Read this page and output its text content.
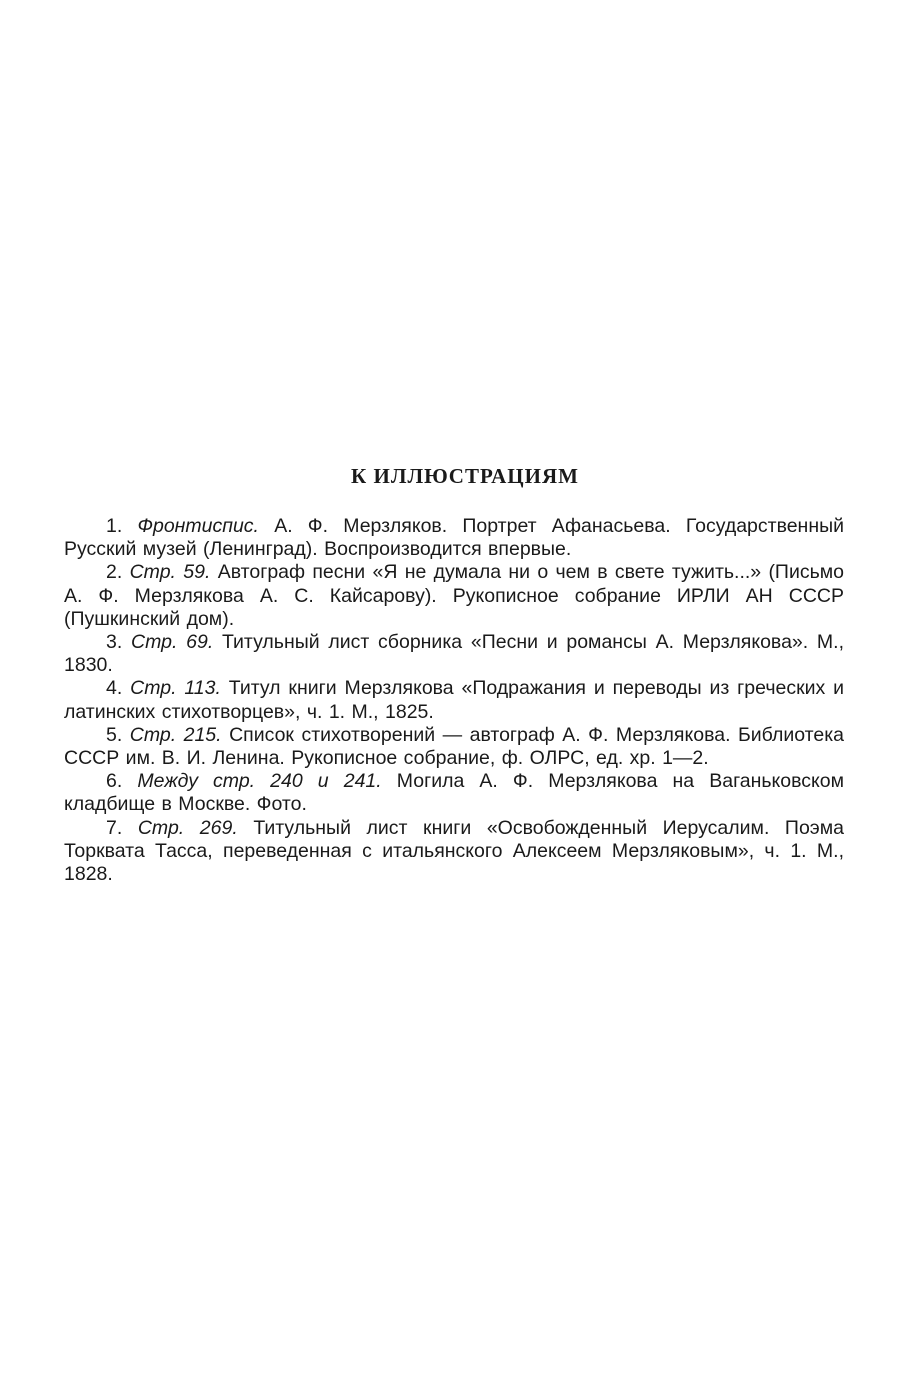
К ИЛЛЮСТРАЦИЯМ

1. Фронтиспис. А. Ф. Мерзляков. Портрет Афанасьева. Государственный Русский музей (Ленинград). Воспроизводится впервые.

2. Стр. 59. Автограф песни «Я не думала ни о чем в свете тужить...» (Письмо А. Ф. Мерзлякова А. С. Кайсарову). Рукописное собрание ИРЛИ АН СССР (Пушкинский дом).

3. Стр. 69. Титульный лист сборника «Песни и романсы А. Мерзлякова». М., 1830.

4. Стр. 113. Титул книги Мерзлякова «Подражания и переводы из греческих и латинских стихотворцев», ч. 1. М., 1825.

5. Стр. 215. Список стихотворений — автограф А. Ф. Мерзлякова. Библиотека СССР им. В. И. Ленина. Рукописное собрание, ф. ОЛРС, ед. хр. 1—2.

6. Между стр. 240 и 241. Могила А. Ф. Мерзлякова на Ваганьковском кладбище в Москве. Фото.

7. Стр. 269. Титульный лист книги «Освобожденный Иерусалим. Поэма Торквата Тасса, переведенная с итальянского Алексеем Мерзляковым», ч. 1. М., 1828.
